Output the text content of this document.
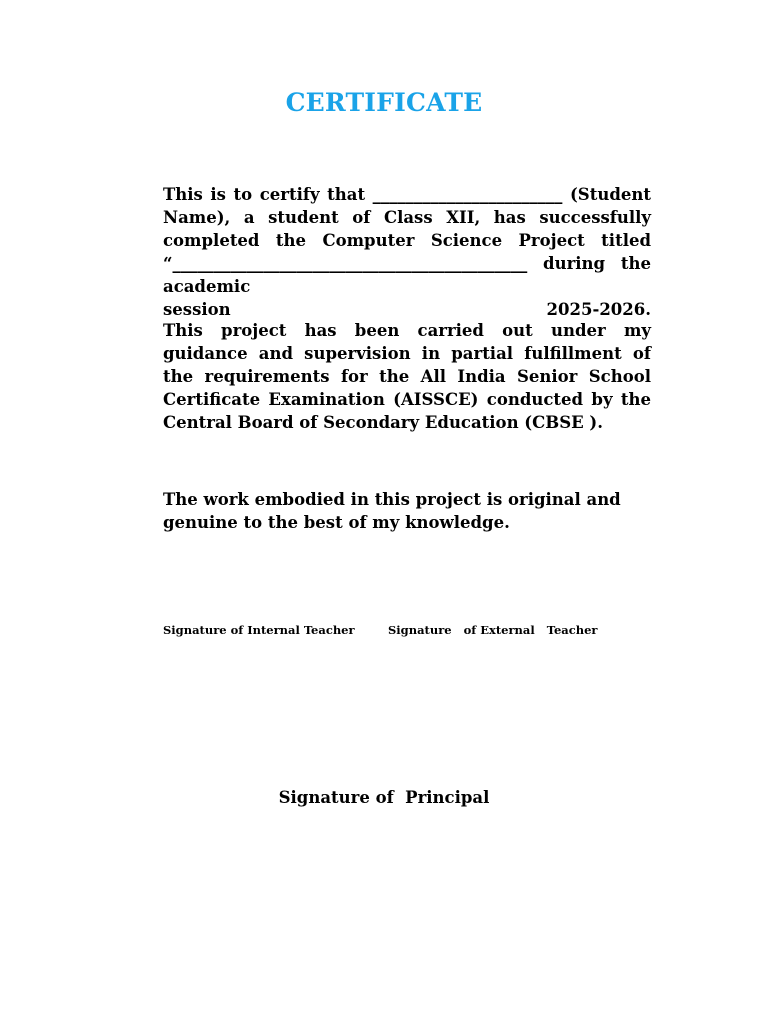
CERTIFICATE
This is to certify that _______________________ (Student Name), a student of Class XII, has successfully completed the Computer Science Project titled “___________________________________________ during the academic
session	2025-2026.
This project has been carried out under my guidance and supervision in partial fulfillment of the requirements for the All India Senior School Certificate Examination (AISSCE) conducted by the Central Board of Secondary Education (CBSE ).
The work embodied in this project is original and genuine to the best of my knowledge.
Signature of Internal Teacher	Signature   of External   Teacher
Signature of  Principal
